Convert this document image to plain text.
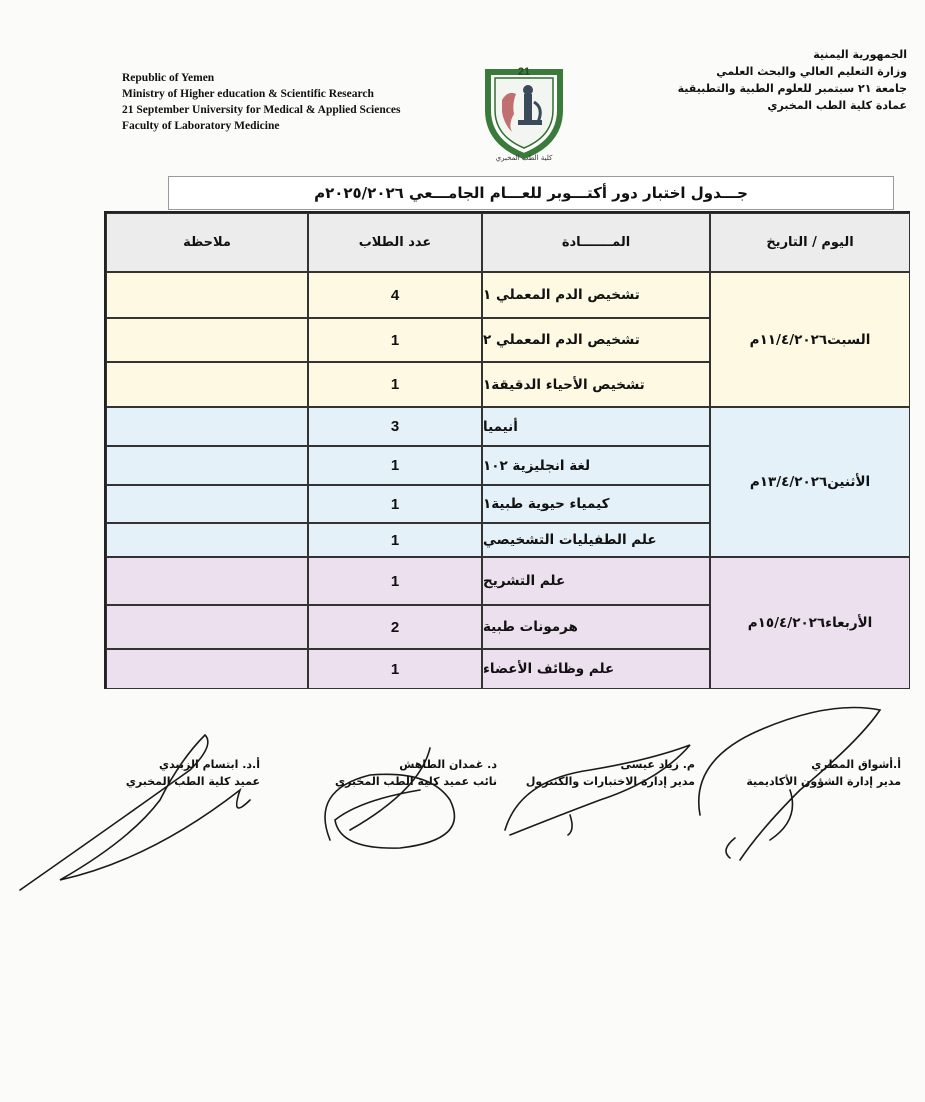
Republic of Yemen
Ministry of Higher education & Scientific Research
21 September University for Medical & Applied Sciences
Faculty of Laboratory Medicine
21
كلية الطب المخبري
الجمهورية اليمنية
وزارة التعليم العالي والبحث العلمي
جامعة ٢١ سبتمبر للعلوم الطبية والتطبيقية
عمادة كلية الطب المخبري
جـــدول اختبار دور أكتـــوبر للعـــام الجامـــعي ٢٠٢٥/٢٠٢٦م
اليوم / التاريخ
المـــــــادة
عدد الطلاب
ملاحظة
السبت١١/٤/٢٠٢٦م
الأثنين١٣/٤/٢٠٢٦م
الأربعاء١٥/٤/٢٠٢٦م
تشخيص الدم المعملي ١
4
تشخيص الدم المعملي ٢
1
تشخيص الأحياء الدقيقة١
1
أنيميا
3
لغة انجليزية ١٠٢
1
كيمياء حيوية طبية١
1
علم الطفيليات التشخيصي
1
علم التشريح
1
هرمونات طبية
2
علم وظائف الأعضاء
1
أ.أشواق المطري
مدير إدارة الشؤون الأكاديمية
م. زياد عيسى
مدير إدارة الاختبارات والكنترول
د. غمدان الطاهش
نائب عميد كلية الطب المخبري
أ.د. ابتسام الزبيدي
عميد كلية الطب المخبري
